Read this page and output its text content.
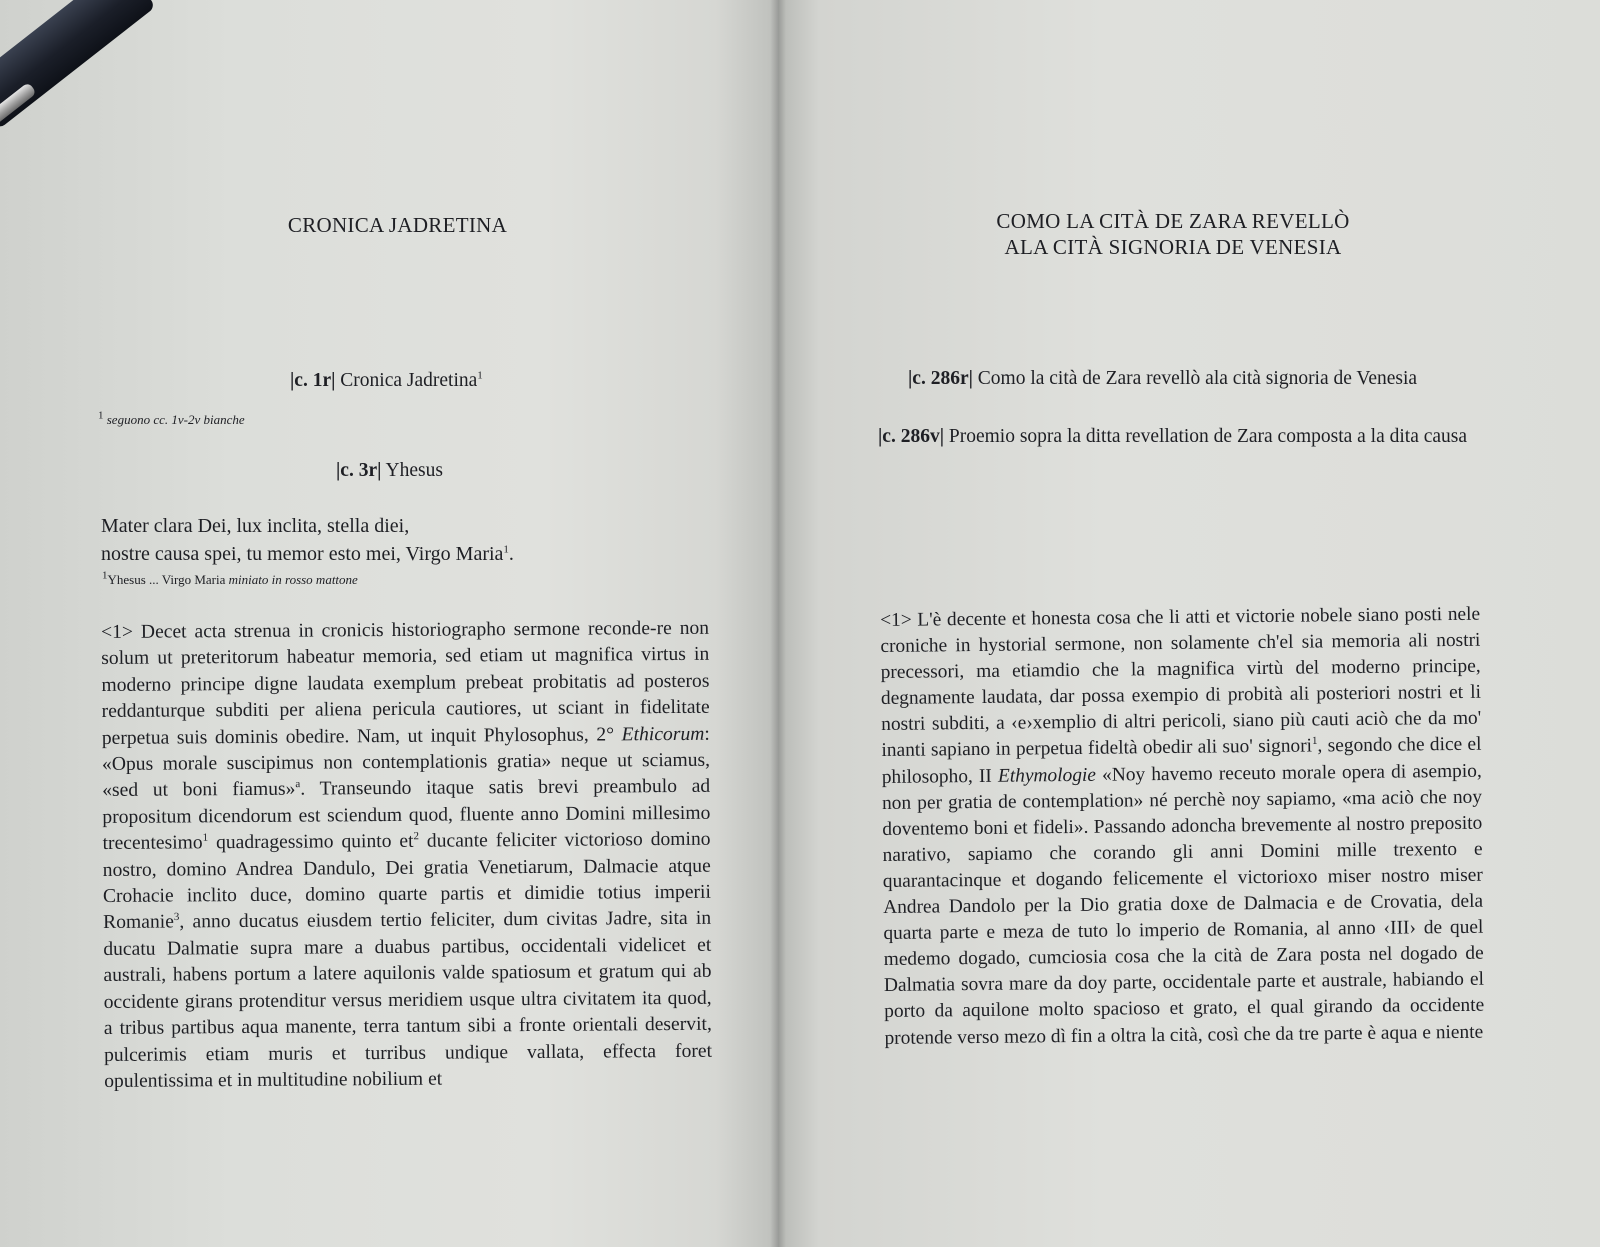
CRONICA JADRETINA
|c. 1r| Cronica Jadretina$^1$
$^1$ seguono cc. 1v-2v bianche
|c. 3r| Yhesus
Mater clara Dei, lux inclita, stella diei,
nostre causa spei, tu memor esto mei, Virgo Maria$^1$.
$^1$Yhesus ... Virgo Maria miniato in rosso mattone

<1> Decet acta strenua in cronicis historiographo sermone reconde-re non solum ut preteritorum habeatur memoria, sed etiam ut magnifica virtus in moderno principe digne laudata exemplum prebeat probitatis ad posteros reddanturque subditi per aliena pericula cautiores, ut sciant in fidelitate perpetua suis dominis obedire. Nam, ut inquit Phylosophus, 2° Ethicorum: «Opus morale suscipimus non contemplationis gratia» neque ut sciamus, «sed ut boni fiamus»$^a$. Transeundo itaque satis brevi preambulo ad propositum dicendorum est sciendum quod, fluente anno Domini millesimo trecentesimo$^1$ quadragessimo quinto $et^2$ ducante feliciter victorioso domino nostro, domino Andrea Dandulo, Dei gratia Venetiarum, Dalmacie atque Crohacie inclito duce, domino quarte partis et dimidie totius imperii Romanie$^3$, anno ducatus eiusdem tertio feliciter, dum civitas Jadre, sita in ducatu Dalmatie supra mare a duabus partibus, occidentali videlicet et australi, habens portum a latere aquilonis valde spatiosum et gratum qui ab occidente girans protenditur versus meridiem usque ultra civitatem ita quod, a tribus partibus aqua manente, terra tantum sibi a fronte orientali deservit, pulcerimis etiam muris et turribus undique vallata, effecta foret opulentissima et in multitudine nobilium et

COMO LA CITÀ DE ZARA REVELLÒ
ALA CITÀ SIGNORIA DE VENESIA
|c. 286r| Como la cità de Zara revellò ala cità signoria de Venesia
|c. 286v| Proemio sopra la ditta revellation de Zara composta a la dita causa

<1> L'è decente et honesta cosa che li atti et victorie nobele siano posti nele croniche in hystorial sermone, non solamente ch'el sia memoria ali nostri precessori, ma etiamdio che la magnifica virtù del moderno principe, degnamente laudata, dar possa exempio di probità ali posteriori nostri et li nostri subditi, a ‹e›xemplio di altri pericoli, siano più cauti aciò che da mo' inanti sapiano in perpetua fideltà obedir ali suo' signori$^1$, segondo che dice el philosopho, II Ethymologie «Noy havemo receuto morale opera di asempio, non per gratia de contemplation» né perchè noy sapiamo, «ma aciò che noy doventemo boni et fideli». Passando adoncha brevemente al nostro preposito narativo, sapiamo che corando gli anni Domini mille trexento e quarantacinque et dogando felicemente el victorioxo miser nostro miser Andrea Dandolo per la Dio gratia doxe de Dalmacia e de Crovatia, dela quarta parte e meza de tuto lo imperio de Romania, al anno ‹III› de quel medemo dogado, cumciosia cosa che la cità de Zara posta nel dogado de Dalmatia sovra mare da doy parte, occidentale parte et australe, habiando el porto da aquilone molto spacioso et grato, el qual girando da occidente protende verso mezo dì fin a oltra la cità, così che da tre parte è aqua e niente
